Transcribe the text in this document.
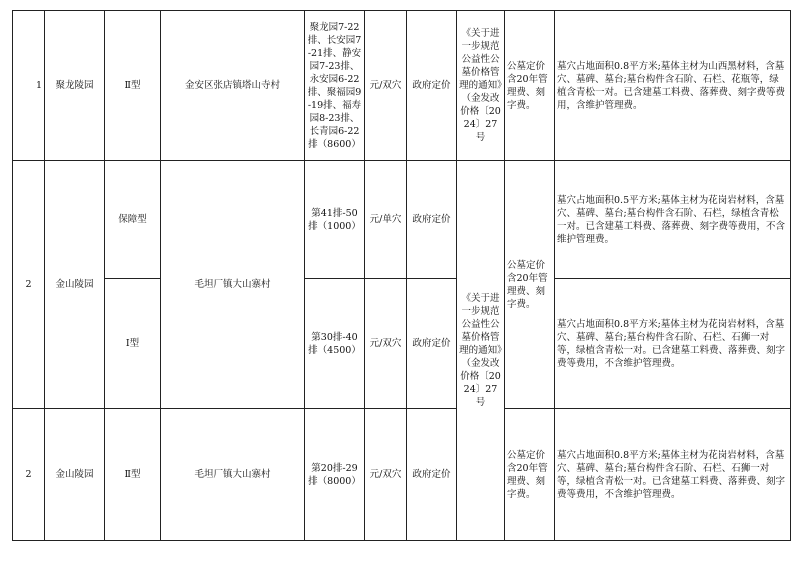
1	聚龙陵园	Ⅱ型	金安区张店镇塔山寺村	聚龙园7-22排、长安园7-21排、静安园7-23排、永安园6-22排、聚福园9-19排、福寿园8-23排、长青园6-22排（8600）	元/双穴	政府定价	《关于进一步规范公益性公墓价格管理的通知》（金发改价格〔2024〕27号	公墓定价含20年管理费、刻字费。	墓穴占地面积0.8平方米;墓体主材为山西黑材料，含墓穴、墓碑、墓台;墓台构件含石阶、石栏、花瓶等，绿植含青松一对。已含建墓工料费、落葬费、刻字费等费用，含维护管理费。
2	金山陵园	保障型	毛坦厂镇大山寨村	第41排-50排（1000）	元/单穴	政府定价	《关于进一步规范公益性公墓价格管理的通知》（金发改价格〔2024〕27号	公墓定价含20年管理费、刻字费。	墓穴占地面积0.5平方米;墓体主材为花岗岩材料，含墓穴、墓碑、墓台;墓台构件含石阶、石栏，绿植含青松一对。已含建墓工料费、落葬费、刻字费等费用，不含维护管理费。
		Ⅰ型		第30排-40排（4500）	元/双穴	政府定价			墓穴占地面积0.8平方米;墓体主材为花岗岩材料，含墓穴、墓碑、墓台;墓台构件含石阶、石栏、石狮一对等，绿植含青松一对。已含建墓工料费、落葬费、刻字费等费用，不含维护管理费。
2	金山陵园	Ⅱ型	毛坦厂镇大山寨村	第20排-29排（8000）	元/双穴	政府定价		公墓定价含20年管理费、刻字费。	墓穴占地面积0.8平方米;墓体主材为花岗岩材料，含墓穴、墓碑、墓台;墓台构件含石阶、石栏、石狮一对等，绿植含青松一对。已含建墓工料费、落葬费、刻字费等费用，不含维护管理费。
